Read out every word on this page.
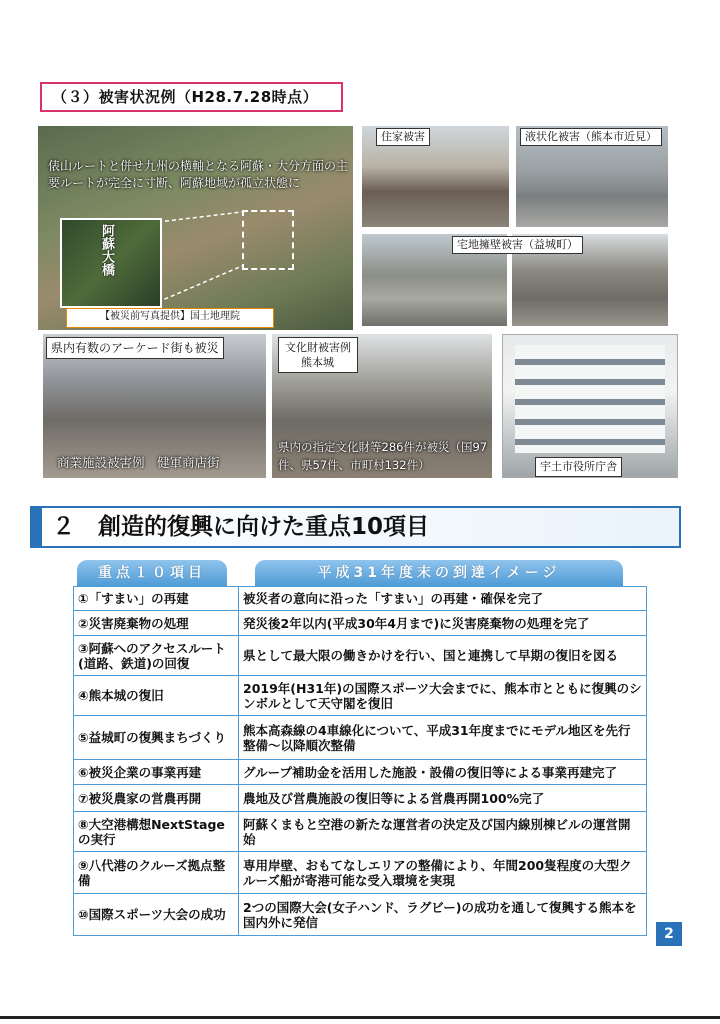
（３）被害状況例（H28.7.28時点）
俵山ルートと併せ九州の横軸となる阿蘇・大分方面の主要ルートが完全に寸断、阿蘇地域が孤立状態に
阿蘇大橋
【被災前写真提供】国土地理院
住家被害	液状化被害（熊本市近見）
宅地擁壁被害（益城町）
県内有数のアーケード街も被災
商業施設被害例　健軍商店街
文化財被害例
熊本城
県内の指定文化財等286件が被災（国97件、県57件、市町村132件）	宇土市役所庁舎
２　創造的復興に向けた重点10項目
重点１０項目	平成31年度末の到達イメージ
①「すまい」の再建	被災者の意向に沿った「すまい」の再建・確保を完了
②災害廃棄物の処理	発災後2年以内(平成30年4月まで)に災害廃棄物の処理を完了
③阿蘇へのアクセスルート(道路、鉄道)の回復	県として最大限の働きかけを行い、国と連携して早期の復旧を図る
④熊本城の復旧	2019年(H31年)の国際スポーツ大会までに、熊本市とともに復興のシンボルとして天守閣を復旧
⑤益城町の復興まちづくり	熊本高森線の4車線化について、平成31年度までにモデル地区を先行整備～以降順次整備
⑥被災企業の事業再建	グループ補助金を活用した施設・設備の復旧等による事業再建完了
⑦被災農家の営農再開	農地及び営農施設の復旧等による営農再開100%完了
⑧大空港構想NextStageの実行	阿蘇くまもと空港の新たな運営者の決定及び国内線別棟ビルの運営開始
⑨八代港のクルーズ拠点整備	専用岸壁、おもてなしエリアの整備により、年間200隻程度の大型クルーズ船が寄港可能な受入環境を実現
⑩国際スポーツ大会の成功	2つの国際大会(女子ハンド、ラグビー)の成功を通して復興する熊本を国内外に発信
2
